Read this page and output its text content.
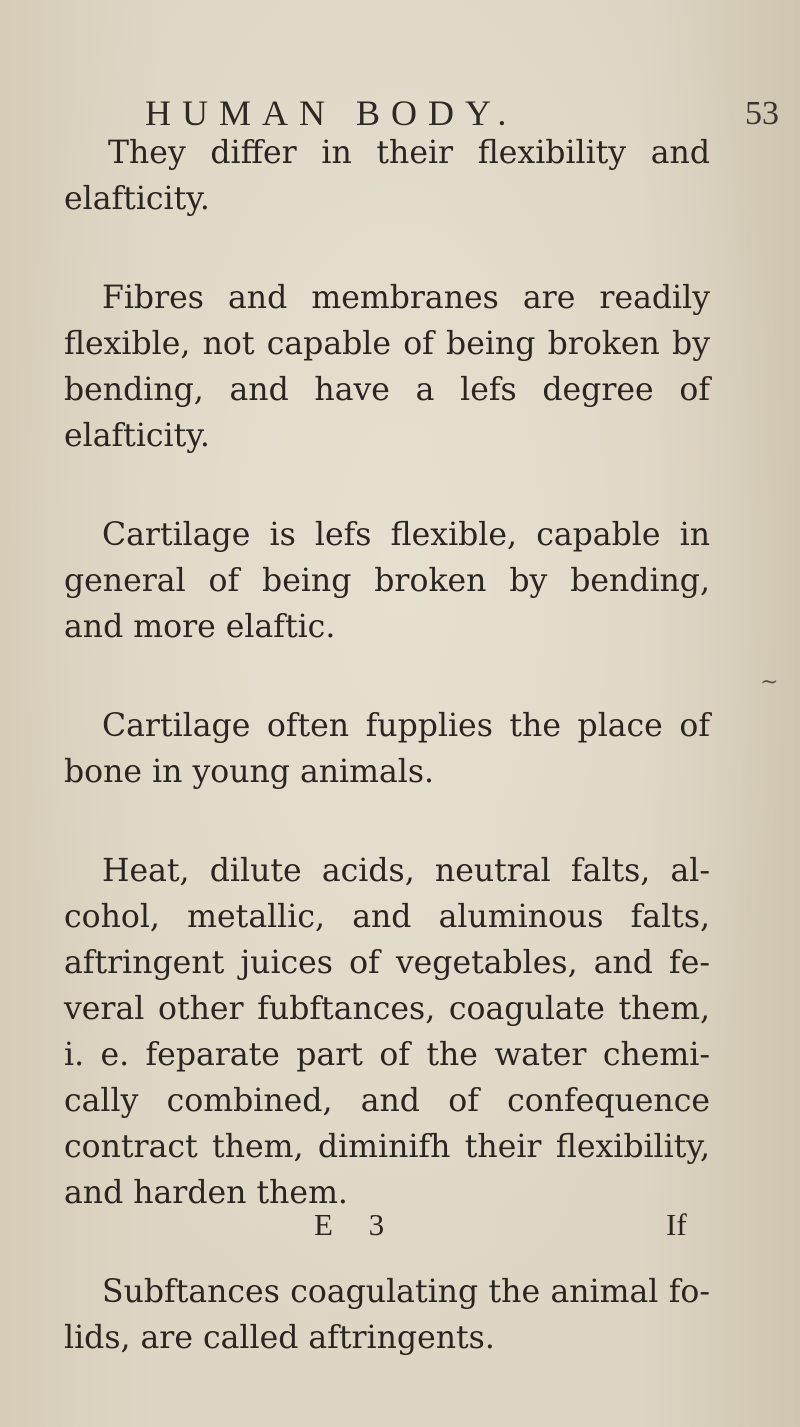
HUMAN BODY.	53

They differ in their flexibility and elafticity.

Fibres and membranes are readily flexible, not capable of being broken by bending, and have a lefs degree of elafticity.

Cartilage is lefs flexible, capable in general of being broken by bending, and more elaftic.

Cartilage often fupplies the place of bone in young animals.

Heat, dilute acids, neutral falts, al-cohol, metallic, and aluminous falts, aftringent juices of vegetables, and fe-veral other fubftances, coagulate them, i. e. feparate part of the water chemi-cally combined, and of confequence contract them, diminifh their flexibility, and harden them.

Subftances coagulating the animal fo-lids, are called aftringents.

~
E 3	If
